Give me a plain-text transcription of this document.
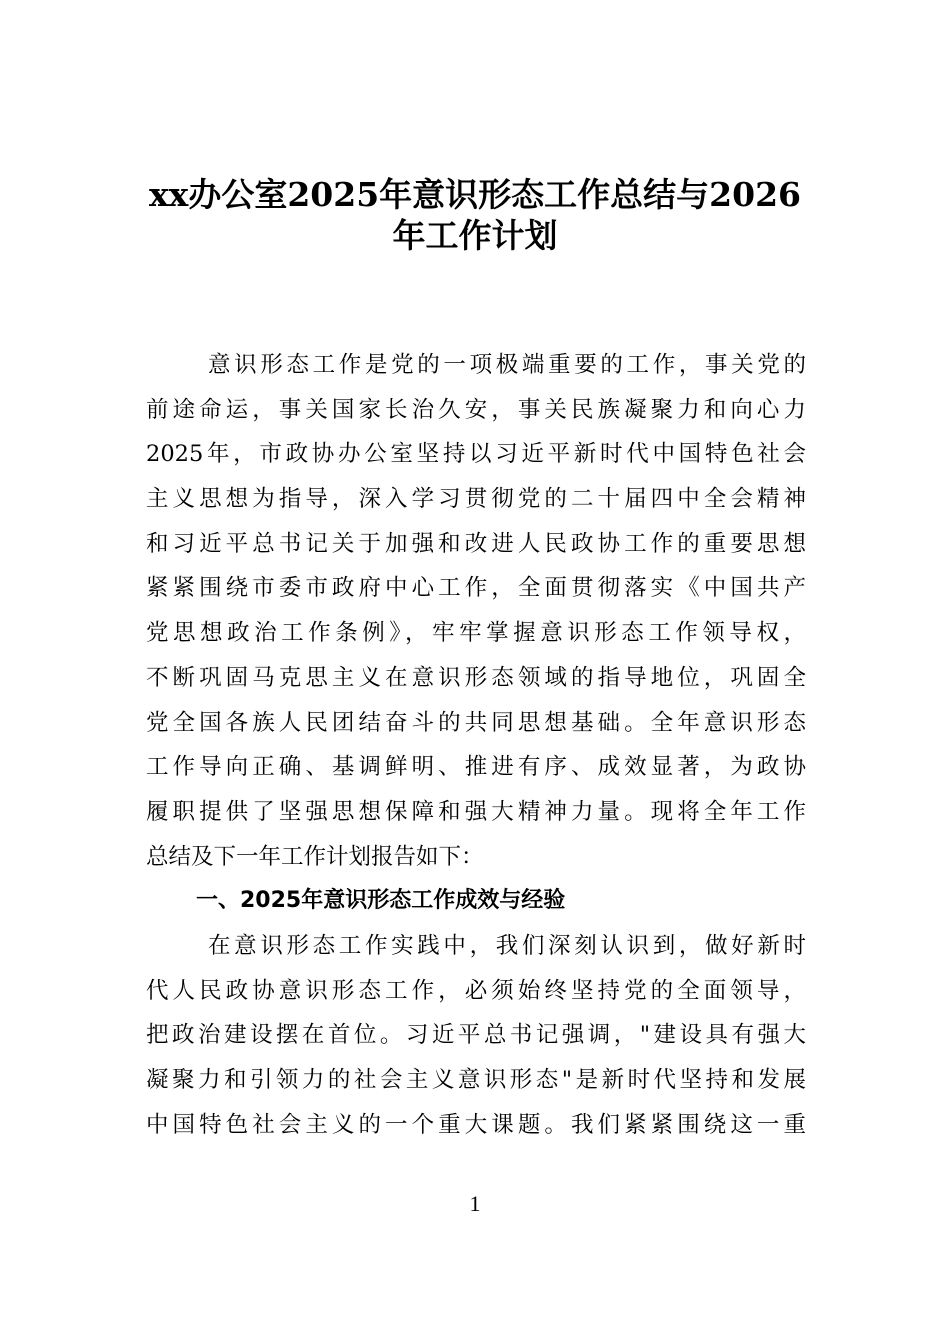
xx办公室2025年意识形态工作总结与2026
年工作计划
意识形态工作是党的一项极端重要的工作，事关党的
前途命运，事关国家长治久安，事关民族凝聚力和向心力
2025年，市政协办公室坚持以习近平新时代中国特色社会
主义思想为指导，深入学习贯彻党的二十届四中全会精神
和习近平总书记关于加强和改进人民政协工作的重要思想
紧紧围绕市委市政府中心工作，全面贯彻落实《中国共产
党思想政治工作条例》，牢牢掌握意识形态工作领导权，
不断巩固马克思主义在意识形态领域的指导地位，巩固全
党全国各族人民团结奋斗的共同思想基础。全年意识形态
工作导向正确、基调鲜明、推进有序、成效显著，为政协
履职提供了坚强思想保障和强大精神力量。现将全年工作
总结及下一年工作计划报告如下：
一、2025年意识形态工作成效与经验
在意识形态工作实践中，我们深刻认识到，做好新时
代人民政协意识形态工作，必须始终坚持党的全面领导，
把政治建设摆在首位。习近平总书记强调，"建设具有强大
凝聚力和引领力的社会主义意识形态"是新时代坚持和发展
中国特色社会主义的一个重大课题。我们紧紧围绕这一重
1
